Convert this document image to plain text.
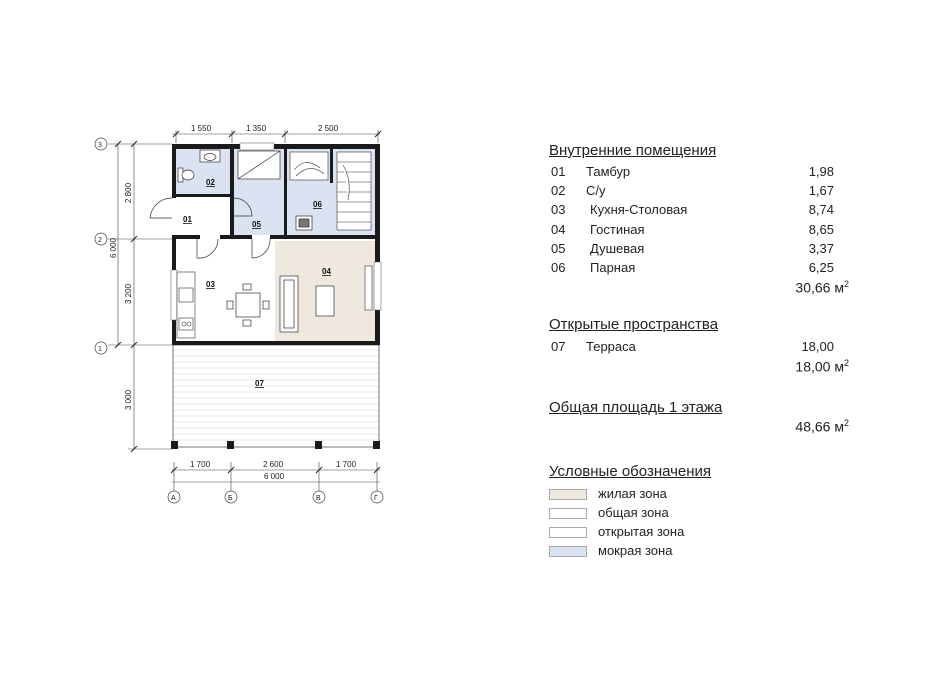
01
02
03
04
05
06
07
1 550	1 350	2 500
1 700	2 600	1 700
6 000
2 800
3 200
3 000
6 000
3
2
1
А	Б	В	Г
Внутренние помещения
01 Тамбур	1,98
02 С/у	1,67
03 Кухня-Столовая	8,74
04 Гостиная	8,65
05 Душевая	3,37
06 Парная	6,25
30,66 $м^2$
Открытые пространства
07 Терраса	18,00
18,00 $м^2$
Общая площадь 1 этажа
48,66 $м^2$
Условные обозначения
жилая зона
общая зона
открытая зона
мокрая зона
